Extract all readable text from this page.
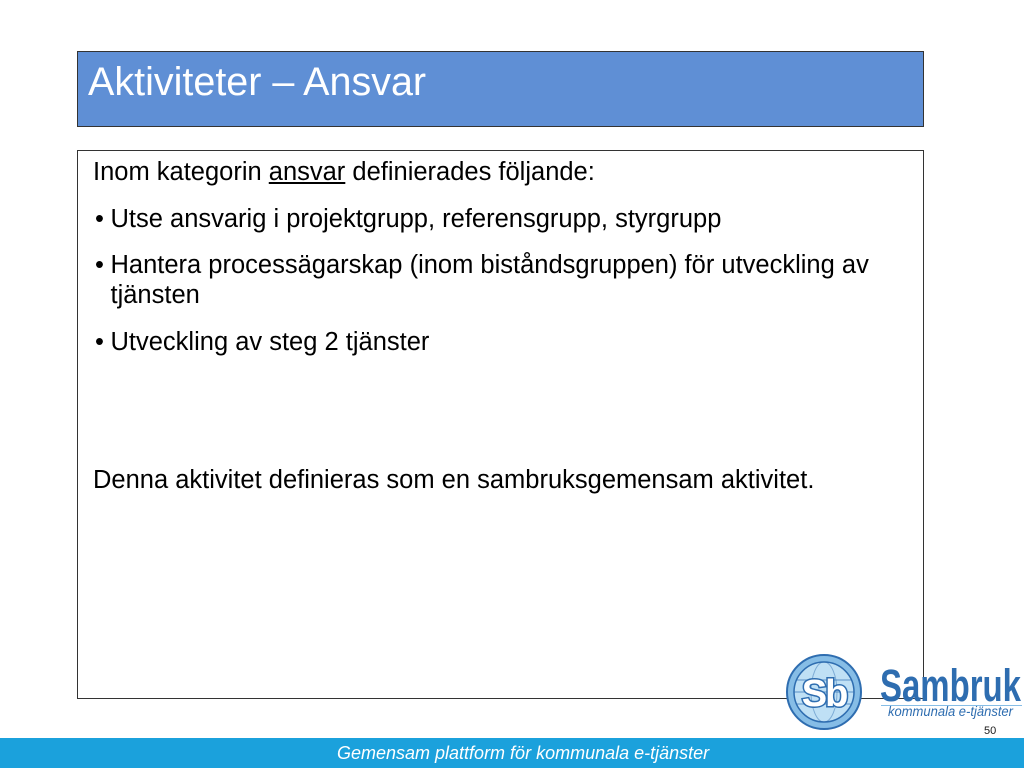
Aktiviteter – Ansvar

Inom kategorin ansvar definierades följande:

• Utse ansvarig i projektgrupp, referensgrupp, styrgrupp

• Hantera processägarskap (inom biståndsgruppen) för utveckling av tjänsten

• Utveckling av steg 2 tjänster

Denna aktivitet definieras som en sambruksgemensam aktivitet.

Sb Sambruk
kommunala e-tjänster
50
Gemensam plattform för kommunala e-tjänster
